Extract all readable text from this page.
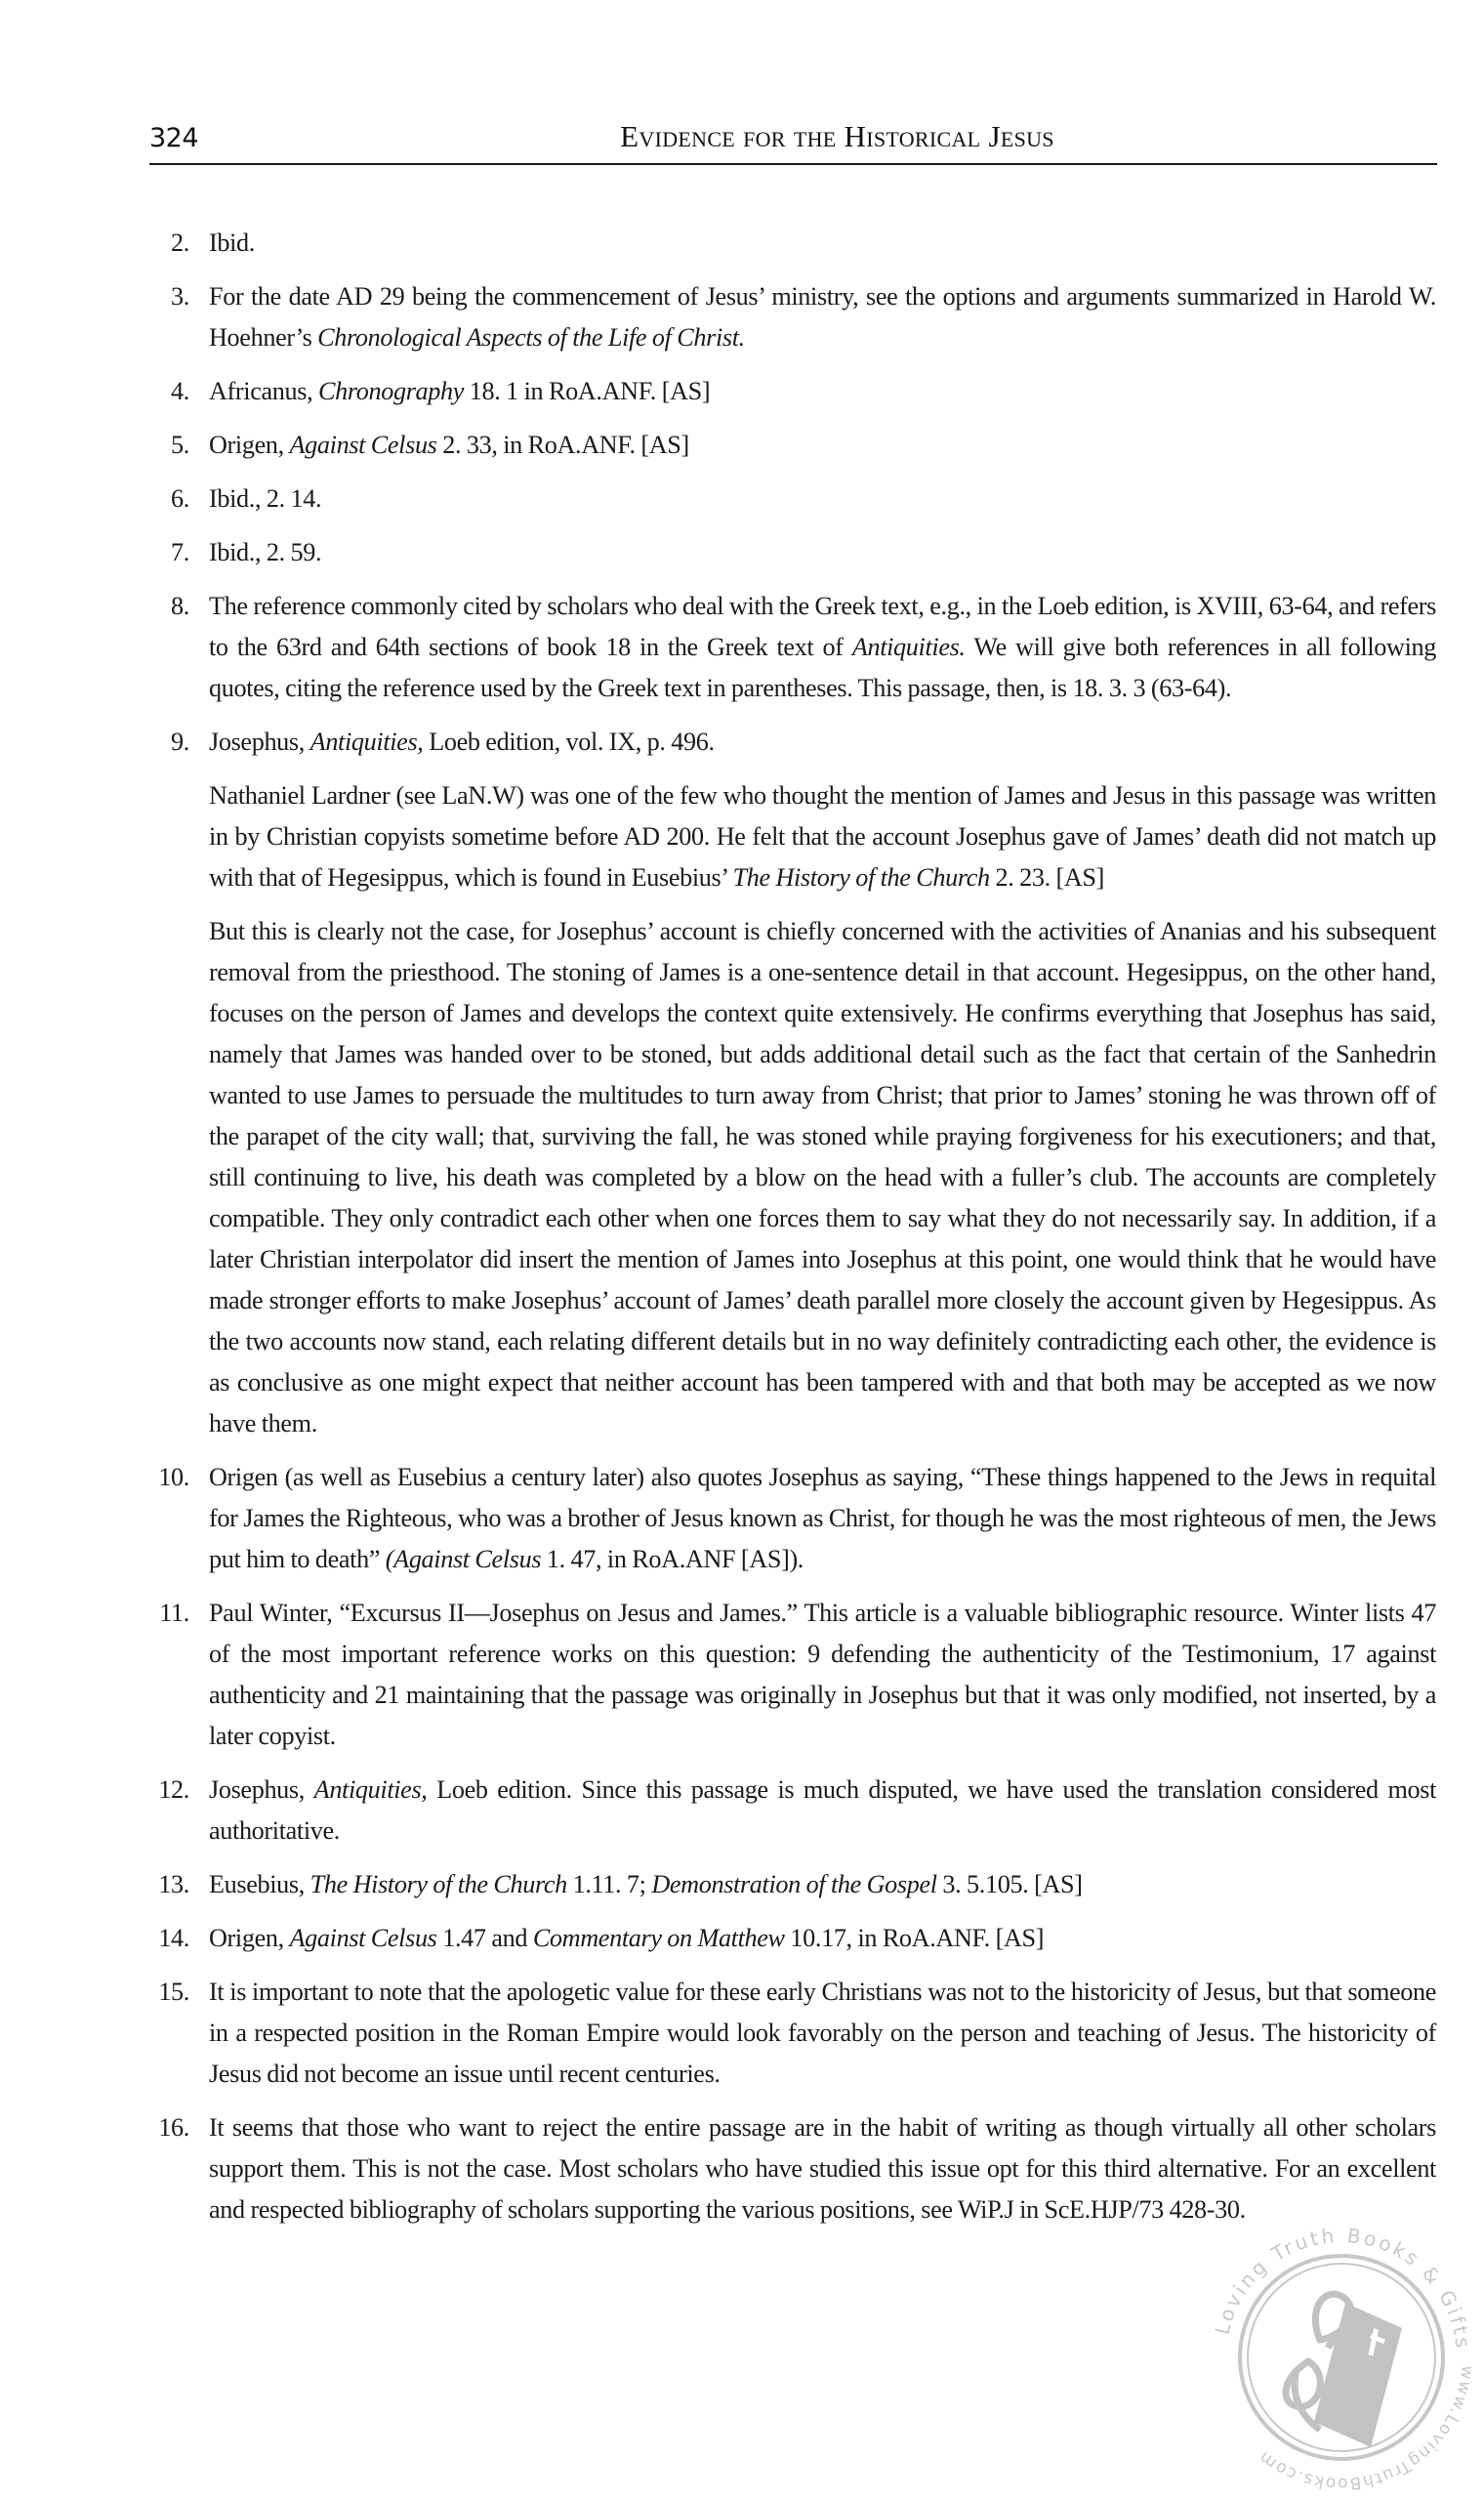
324	Evidence for the Historical Jesus
2. Ibid.

3. For the date AD 29 being the commencement of Jesus’ ministry, see the options and arguments summarized in Harold W. Hoehner’s Chronological Aspects of the Life of Christ.

4. Africanus, Chronography 18. 1 in RoA.ANF. [AS]

5. Origen, Against Celsus 2. 33, in RoA.ANF. [AS]

6. Ibid., 2. 14.

7. Ibid., 2. 59.

8. The reference commonly cited by scholars who deal with the Greek text, e.g., in the Loeb edition, is XVIII, 63-64, and refers to the 63rd and 64th sections of book 18 in the Greek text of Antiquities. We will give both references in all following quotes, citing the reference used by the Greek text in parentheses. This passage, then, is 18. 3. 3 (63-64).

9. Josephus, Antiquities, Loeb edition, vol. IX, p. 496.

Nathaniel Lardner (see LaN.W) was one of the few who thought the mention of James and Jesus in this passage was written in by Christian copyists sometime before AD 200. He felt that the account Josephus gave of James’ death did not match up with that of Hegesippus, which is found in Eusebius’ The History of the Church 2. 23. [AS]

But this is clearly not the case, for Josephus’ account is chiefly concerned with the activities of Ananias and his subsequent removal from the priesthood. The stoning of James is a one-sentence detail in that account. Hegesippus, on the other hand, focuses on the person of James and develops the context quite extensively. He confirms everything that Josephus has said, namely that James was handed over to be stoned, but adds additional detail such as the fact that certain of the Sanhedrin wanted to use James to persuade the multitudes to turn away from Christ; that prior to James’ stoning he was thrown off of the parapet of the city wall; that, surviving the fall, he was stoned while praying forgiveness for his executioners; and that, still continuing to live, his death was completed by a blow on the head with a fuller’s club. The accounts are completely compatible. They only contradict each other when one forces them to say what they do not necessarily say. In addition, if a later Christian interpolator did insert the mention of James into Josephus at this point, one would think that he would have made stronger efforts to make Josephus’ account of James’ death parallel more closely the account given by Hegesippus. As the two accounts now stand, each relating different details but in no way definitely contradicting each other, the evidence is as conclusive as one might expect that neither account has been tampered with and that both may be accepted as we now have them.

10. Origen (as well as Eusebius a century later) also quotes Josephus as saying, “These things happened to the Jews in requital for James the Righteous, who was a brother of Jesus known as Christ, for though he was the most righteous of men, the Jews put him to death” (Against Celsus 1. 47, in RoA.ANF [AS]).

11. Paul Winter, “Excursus II—Josephus on Jesus and James.” This article is a valuable bibliographic resource. Winter lists 47 of the most important reference works on this question: 9 defending the authenticity of the Testimonium, 17 against authenticity and 21 maintaining that the passage was originally in Josephus but that it was only modified, not inserted, by a later copyist.

12. Josephus, Antiquities, Loeb edition. Since this passage is much disputed, we have used the translation considered most authoritative.

13. Eusebius, The History of the Church 1.11. 7; Demonstration of the Gospel 3. 5.105. [AS]

14. Origen, Against Celsus 1.47 and Commentary on Matthew 10.17, in RoA.ANF. [AS]

15. It is important to note that the apologetic value for these early Christians was not to the historicity of Jesus, but that someone in a respected position in the Roman Empire would look favorably on the person and teaching of Jesus. The historicity of Jesus did not become an issue until recent centuries.

16. It seems that those who want to reject the entire passage are in the habit of writing as though virtually all other scholars support them. This is not the case. Most scholars who have studied this issue opt for this third alternative. For an excellent and respected bibliography of scholars supporting the various positions, see WiP.J in ScE.HJP/73 428-30.

Loving Truth Books & Gifts
www.LovingTruthBooks.com
